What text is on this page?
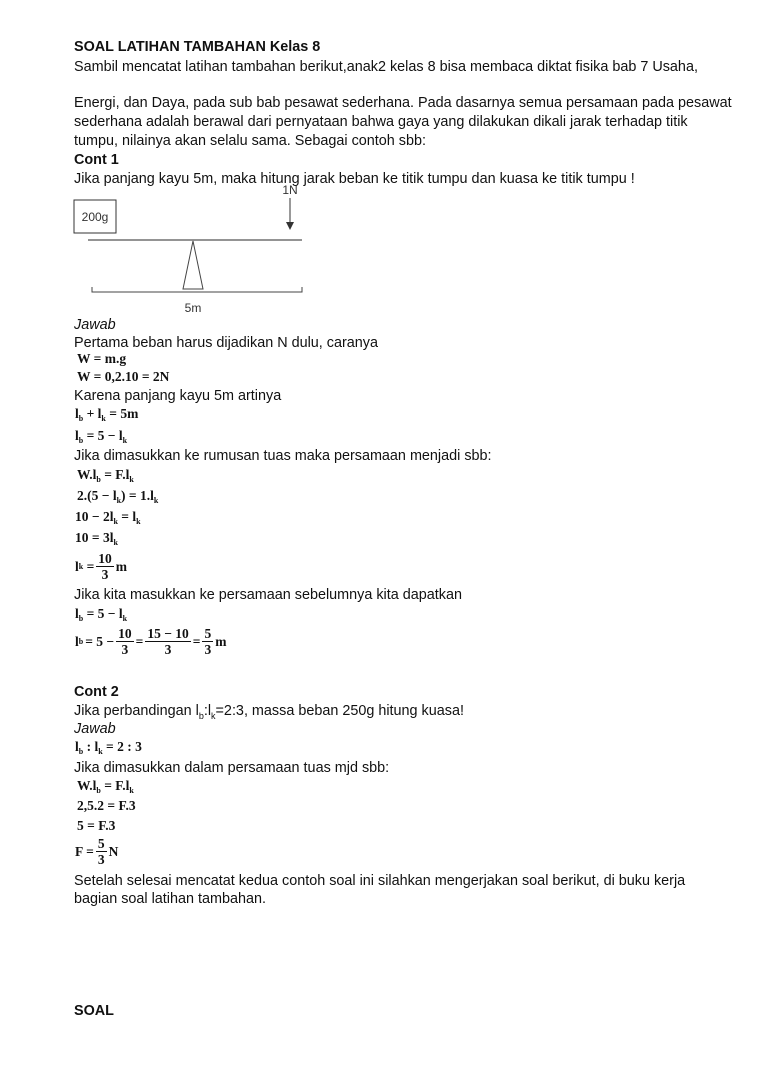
SOAL LATIHAN TAMBAHAN Kelas 8
Sambil mencatat latihan tambahan berikut,anak2 kelas 8 bisa membaca diktat fisika bab 7 Usaha,
Energi, dan Daya, pada sub bab pesawat sederhana. Pada dasarnya semua persamaan pada pesawat
sederhana adalah berawal dari pernyataan bahwa gaya yang dilakukan dikali jarak terhadap titik
tumpu, nilainya akan selalu sama. Sebagai contoh sbb:
Cont 1
Jika panjang kayu 5m, maka hitung jarak beban ke titik tumpu dan kuasa ke titik tumpu !
200g
1N
5m
Jawab
Pertama beban harus dijadikan N dulu, caranya
W = m.g
W = 0,2.10 = 2N
Karena panjang kayu 5m artinya
$l_b + l_k = 5m$
$l_b = 5 - l_k$
Jika dimasukkan ke rumusan tuas maka persamaan menjadi sbb:
$W.l_b = F.l_k$
$2.(5 - l_k) = 1.l_k$
$10 - 2l_k = l_k$
$10 = 3l_k$
l $k = \frac{10}{3}$ m
Jika kita masukkan ke persamaan sebelumnya kita dapatkan
$l_b = 5 - l_k$
l $b = 5 - \frac{10}{3} = \frac{15 - 10}{3} = \frac{5}{3}$ m
Cont 2
Jika perbandingan $l_b:l_k=2:3$, massa beban 250g hitung kuasa!
Jawab
$l_b$ : $l_k = 2$ : 3
Jika dimasukkan dalam persamaan tuas mjd sbb:
$W.l_b = F.l_k$
2,5.2 = F.3
5 = F.3
$F = \frac{5}{3}$ N
Setelah selesai mencatat kedua contoh soal ini silahkan mengerjakan soal berikut, di buku kerja
bagian soal latihan tambahan.
SOAL
